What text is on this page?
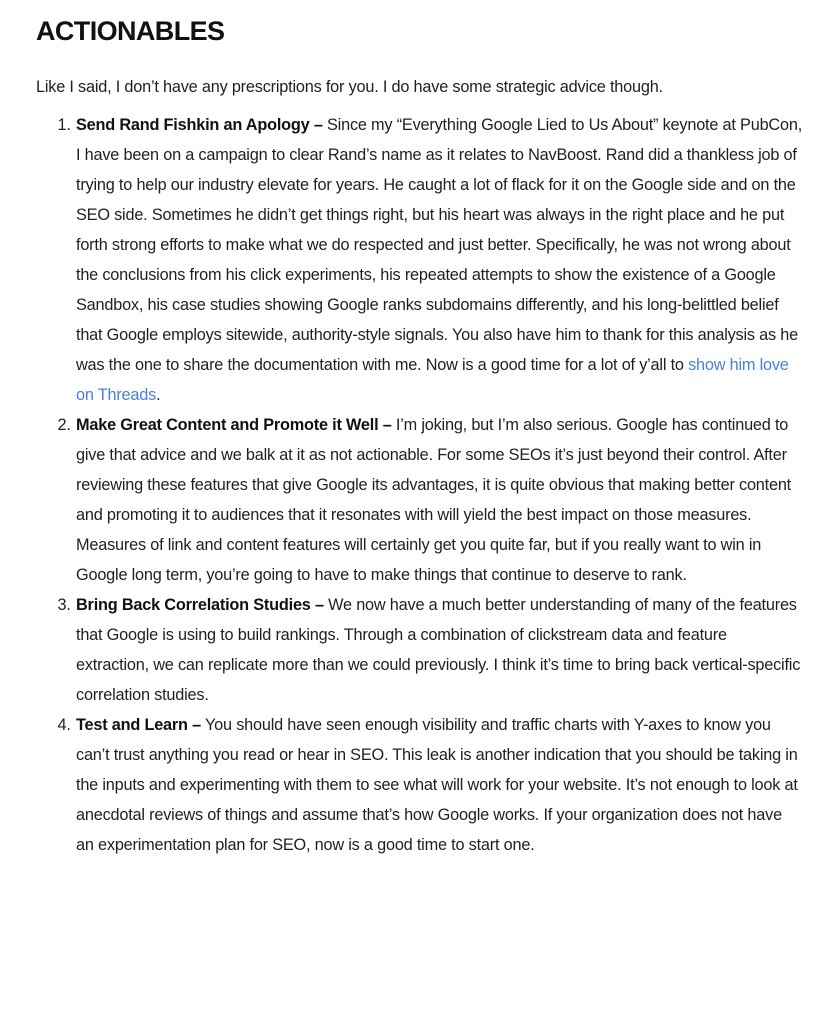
ACTIONABLES

Like I said, I don’t have any prescriptions for you. I do have some strategic advice though.

1. Send Rand Fishkin an Apology – Since my “Everything Google Lied to Us About” keynote at PubCon, I have been on a campaign to clear Rand’s name as it relates to NavBoost. Rand did a thankless job of trying to help our industry elevate for years. He caught a lot of flack for it on the Google side and on the SEO side. Sometimes he didn’t get things right, but his heart was always in the right place and he put forth strong efforts to make what we do respected and just better. Specifically, he was not wrong about the conclusions from his click experiments, his repeated attempts to show the existence of a Google Sandbox, his case studies showing Google ranks subdomains differently, and his long-belittled belief that Google employs sitewide, authority-style signals. You also have him to thank for this analysis as he was the one to share the documentation with me. Now is a good time for a lot of y’all to show him love on Threads.
2. Make Great Content and Promote it Well – I’m joking, but I’m also serious. Google has continued to give that advice and we balk at it as not actionable. For some SEOs it’s just beyond their control. After reviewing these features that give Google its advantages, it is quite obvious that making better content and promoting it to audiences that it resonates with will yield the best impact on those measures. Measures of link and content features will certainly get you quite far, but if you really want to win in Google long term, you’re going to have to make things that continue to deserve to rank.
3. Bring Back Correlation Studies – We now have a much better understanding of many of the features that Google is using to build rankings. Through a combination of clickstream data and feature extraction, we can replicate more than we could previously. I think it’s time to bring back vertical-specific correlation studies.
4. Test and Learn – You should have seen enough visibility and traffic charts with Y-axes to know you can’t trust anything you read or hear in SEO. This leak is another indication that you should be taking in the inputs and experimenting with them to see what will work for your website. It’s not enough to look at anecdotal reviews of things and assume that’s how Google works. If your organization does not have an experimentation plan for SEO, now is a good time to start one.
